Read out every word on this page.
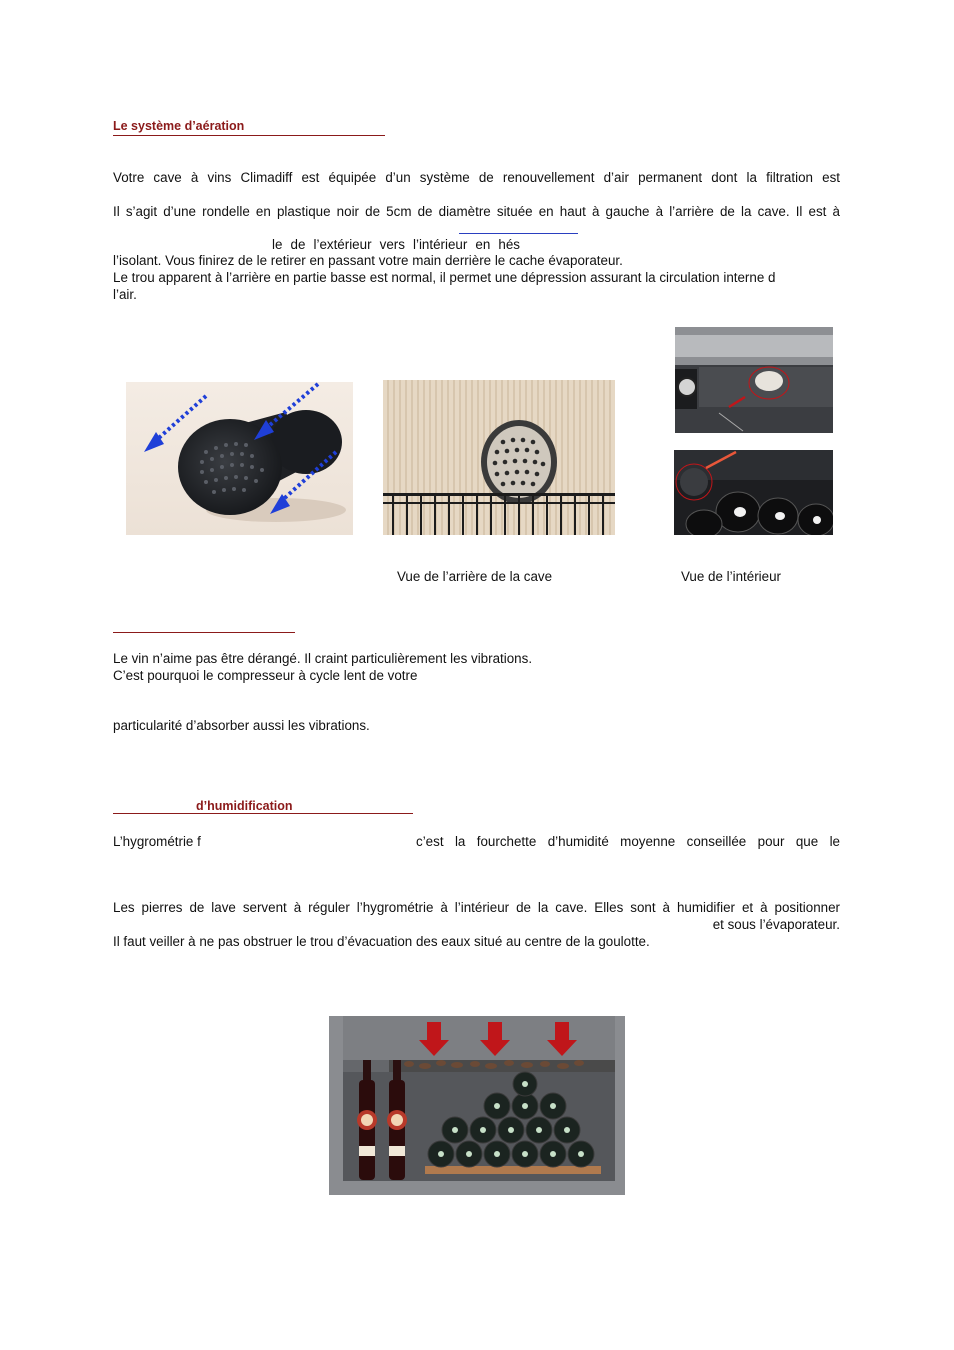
Le système d’aération
Votre cave à vins Climadiff est équipée d’un système de renouvellement d’air permanent dont la filtration est
Il s’agit d’une rondelle en plastique noir de 5cm de diamètre située en haut à gauche à l’arrière de la cave. Il est à
le de l’extérieur vers l’intérieur en hés
l’isolant. Vous finirez de le retirer en passant votre main derrière le cache évaporateur.
Le trou apparent à l’arrière en partie basse est normal, il permet une dépression assurant la circulation interne d
l’air.
Vue de l’arrière de la cave	Vue de l’intérieur
Le vin n’aime pas être dérangé. Il craint particulièrement les vibrations.
C’est pourquoi le compresseur à cycle lent de votre
particularité d’absorber aussi les vibrations.
d’humidification
L’hygrométrie f	c’est la fourchette d’humidité moyenne conseillée pour que le
Les pierres de lave servent à réguler l’hygrométrie à l’intérieur de la cave. Elles sont à humidifier et à positionner
et sous l’évaporateur.
Il faut veiller à ne pas obstruer le trou d’évacuation des eaux situé au centre de la goulotte.
